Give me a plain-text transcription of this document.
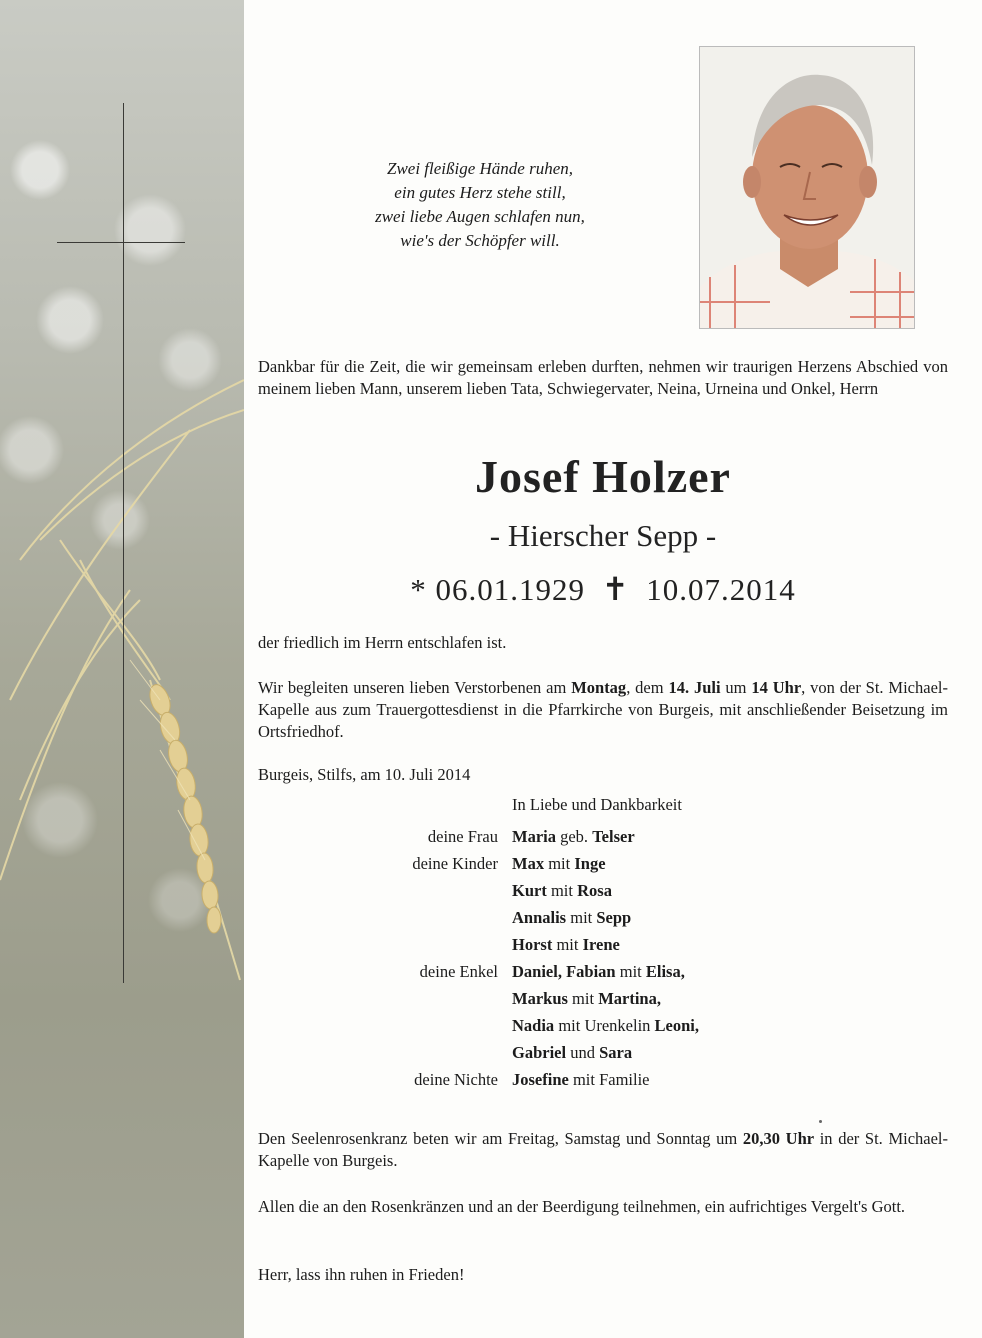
Zwei fleißige Hände ruhen,
ein gutes Herz stehe still,
zwei liebe Augen schlafen nun,
wie's der Schöpfer will.
Dankbar für die Zeit, die wir gemeinsam erleben durften, nehmen wir traurigen Herzens Abschied von meinem lieben Mann, unserem lieben Tata, Schwiegervater, Neina, Urneina und Onkel, Herrn
Josef Holzer
- Hierscher Sepp -
* 06.01.1929 ✝ 10.07.2014
der friedlich im Herrn entschlafen ist.
Wir begleiten unseren lieben Verstorbenen am Montag, dem 14. Juli um 14 Uhr, von der St. Michael-Kapelle aus zum Trauergottesdienst in die Pfarrkirche von Burgeis, mit anschließender Beisetzung im Ortsfriedhof.
Burgeis, Stilfs, am 10. Juli 2014
In Liebe und Dankbarkeit
deine Frau Maria geb. Telser
deine Kinder Max mit Inge
Kurt mit Rosa
Annalis mit Sepp
Horst mit Irene
deine Enkel Daniel, Fabian mit Elisa,
Markus mit Martina,
Nadia mit Urenkelin Leoni,
Gabriel und Sara
deine Nichte Josefine mit Familie
Den Seelenrosenkranz beten wir am Freitag, Samstag und Sonntag um 20,30 Uhr in der St. Michael-Kapelle von Burgeis.
Allen die an den Rosenkränzen und an der Beerdigung teilnehmen, ein aufrichtiges Vergelt's Gott.
Herr, lass ihn ruhen in Frieden!
